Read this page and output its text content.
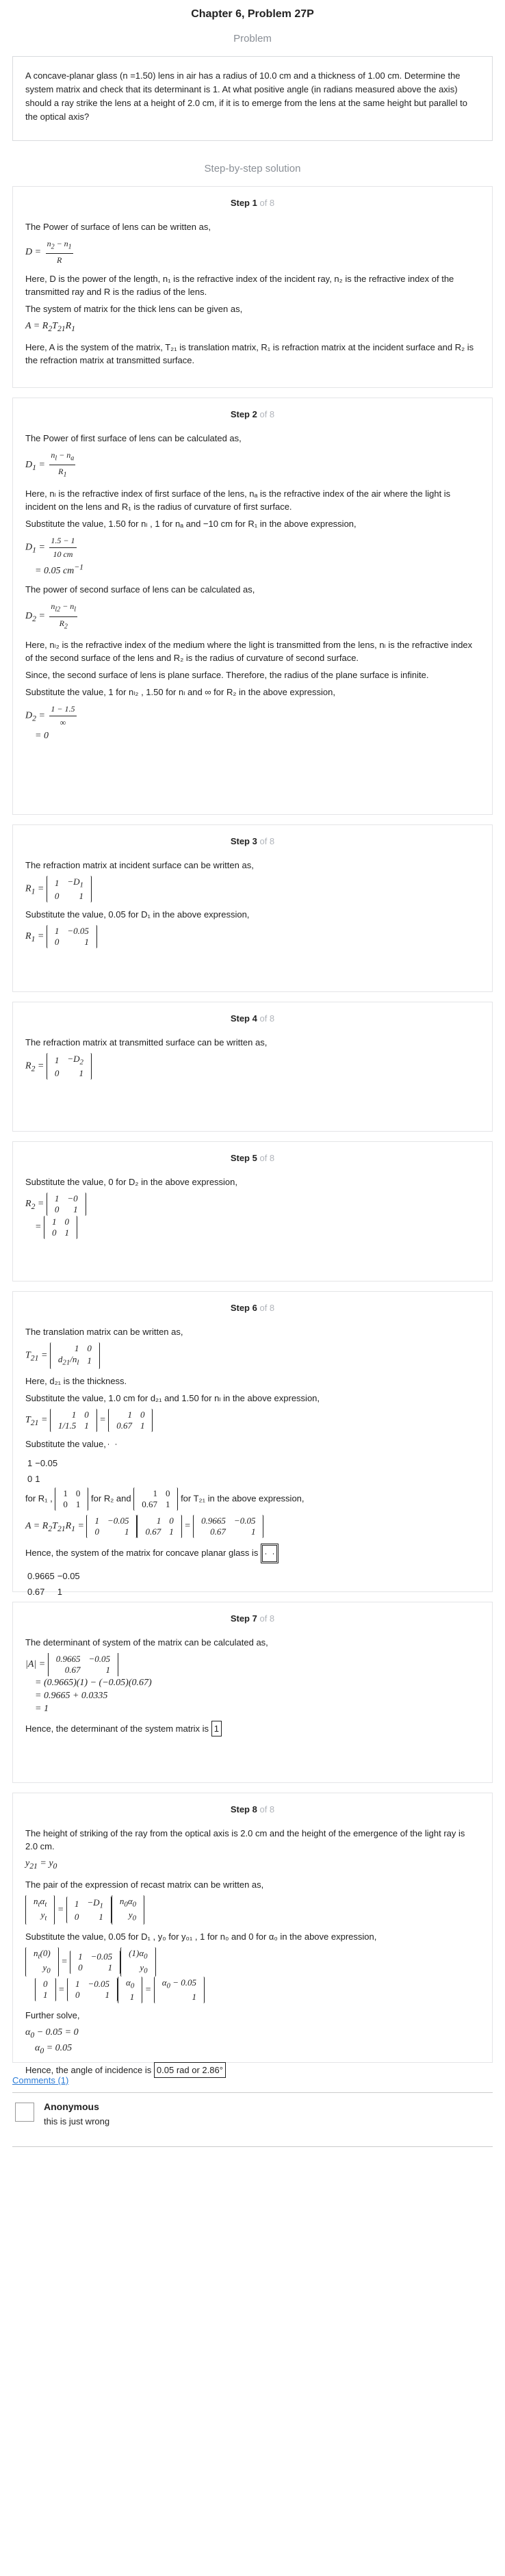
Chapter 6, Problem 27P
Problem
A concave-planar glass (n =1.50) lens in air has a radius of 10.0 cm and a thickness of 1.00 cm. Determine the system matrix and check that its determinant is 1. At what positive angle (in radians measured above the axis) should a ray strike the lens at a height of 2.0 cm, if it is to emerge from the lens at the same height but parallel to the optical axis?
Step-by-step solution
Step 1 of 8

The Power of surface of lens can be written as,

$D = \frac{n_2 - n_1}{R}$

Here, D is the power of the length, n₁ is the refractive index of the incident ray, n₂ is the refractive index of the transmitted ray and R is the radius of the lens.

The system of matrix for the thick lens can be given as,

$A = R_2T_{21}R_1$

Here, A is the system of the matrix, T₂₁ is translation matrix, R₁ is refraction matrix at the incident surface and R₂ is the refraction matrix at transmitted surface.

Step 2 of 8

The Power of first surface of lens can be calculated as,

$D_1 = \frac{n_l - n_a}{R_1}$

Here, nₗ is the refractive index of first surface of the lens, nₐ is the refractive index of the air where the light is incident on the lens and R₁ is the radius of curvature of first surface.

Substitute the value, 1.50 for nₗ , 1 for nₐ and −10 cm for R₁ in the above expression,

$D_1 = \frac{1.5 - 1}{10 cm}$

= 0.05 $cm^{-1}$

The power of second surface of lens can be calculated as,

$D_2 = \frac{n_{l2} - n_l}{R_2}$

Here, nₗ₂ is the refractive index of the medium where the light is transmitted from the lens, nₗ is the refractive index of the second surface of the lens and R₂ is the radius of curvature of second surface.

Since, the second surface of lens is plane surface. Therefore, the radius of the plane surface is infinite.

Substitute the value, 1 for nₗ₂ , 1.50 for nₗ and ∞ for R₂ in the above expression,

$D_2 = \frac{1 - 1.5}{\infty}$

= 0
Step 3 of 8

The refraction matrix at incident surface can be written as,

$R_1$ =
1	$-D_1$
0	1

Substitute the value, 0.05 for D₁ in the above expression,

$R_1$ =
1	−0.05
0	1
Step 4 of 8

The refraction matrix at transmitted surface can be written as,

$R_2$ =
1	$-D_2$
0	1
Step 5 of 8

Substitute the value, 0 for D₂ in the above expression,

$R_2$ =
1	−0
0	1

=
1	0
0	1
Step 6 of 8

The translation matrix can be written as,

$T_{21}$ =
1	0
$d_{21}/n_l$	1

Here, d₂₁ is the thickness.

Substitute the value, 1.0 cm for d₂₁ and 1.50 for nₗ in the above expression,

$T_{21}$ =
1	0
1/1.5	1
=
1	0
0.67	1

Substitute the value,

1	−0.05
0	1
for R₁ , 1	0
0	1
for R₂ and 1	0
0.67	1
for T₂₁ in the above expression,

$A = R_2T_{21}R_1$ =
1	−0.05
0	1
1	0
0.67	1
=
0.9665	−0.05
0.67	1

Hence, the system of the matrix for concave planar glass is

0.9665	−0.05
0.67	1

Step 7 of 8

The determinant of system of the matrix can be calculated as,

|A| =
0.9665	−0.05
0.67	1

= (0.9665)(1) − (−0.05)(0.67)
= 0.9665 + 0.0335
= 1

Hence, the determinant of the system matrix is 1

Step 8 of 8

The height of striking of the ray from the optical axis is 2.0 cm and the height of the emergence of the light ray is 2.0 cm.

$y_{21} = y_0$

The pair of the expression of recast matrix can be written as,

$n_t\alpha_t$
$y_t$
=
1	$-D_1$
0	1
$n_0\alpha_0$
$y_0$

Substitute the value, 0.05 for D₁ , y₀ for y₀₁ , 1 for n₀ and 0 for α₀ in the above expression,

$n_t(0)$
$y_0$
=
1	−0.05
0	1
$(1)\alpha_0$
$y_0$

0
1
=
1	−0.05
0	1
$\alpha_0$
1
=
$\alpha_0 - 0.05$
1

Further solve,

$\alpha_0 - 0.05 = 0$
$\alpha_0 = 0.05$

Hence, the angle of incidence is 0.05 rad or 2.86°

Comments (1)
Anonymous
this is just wrong
